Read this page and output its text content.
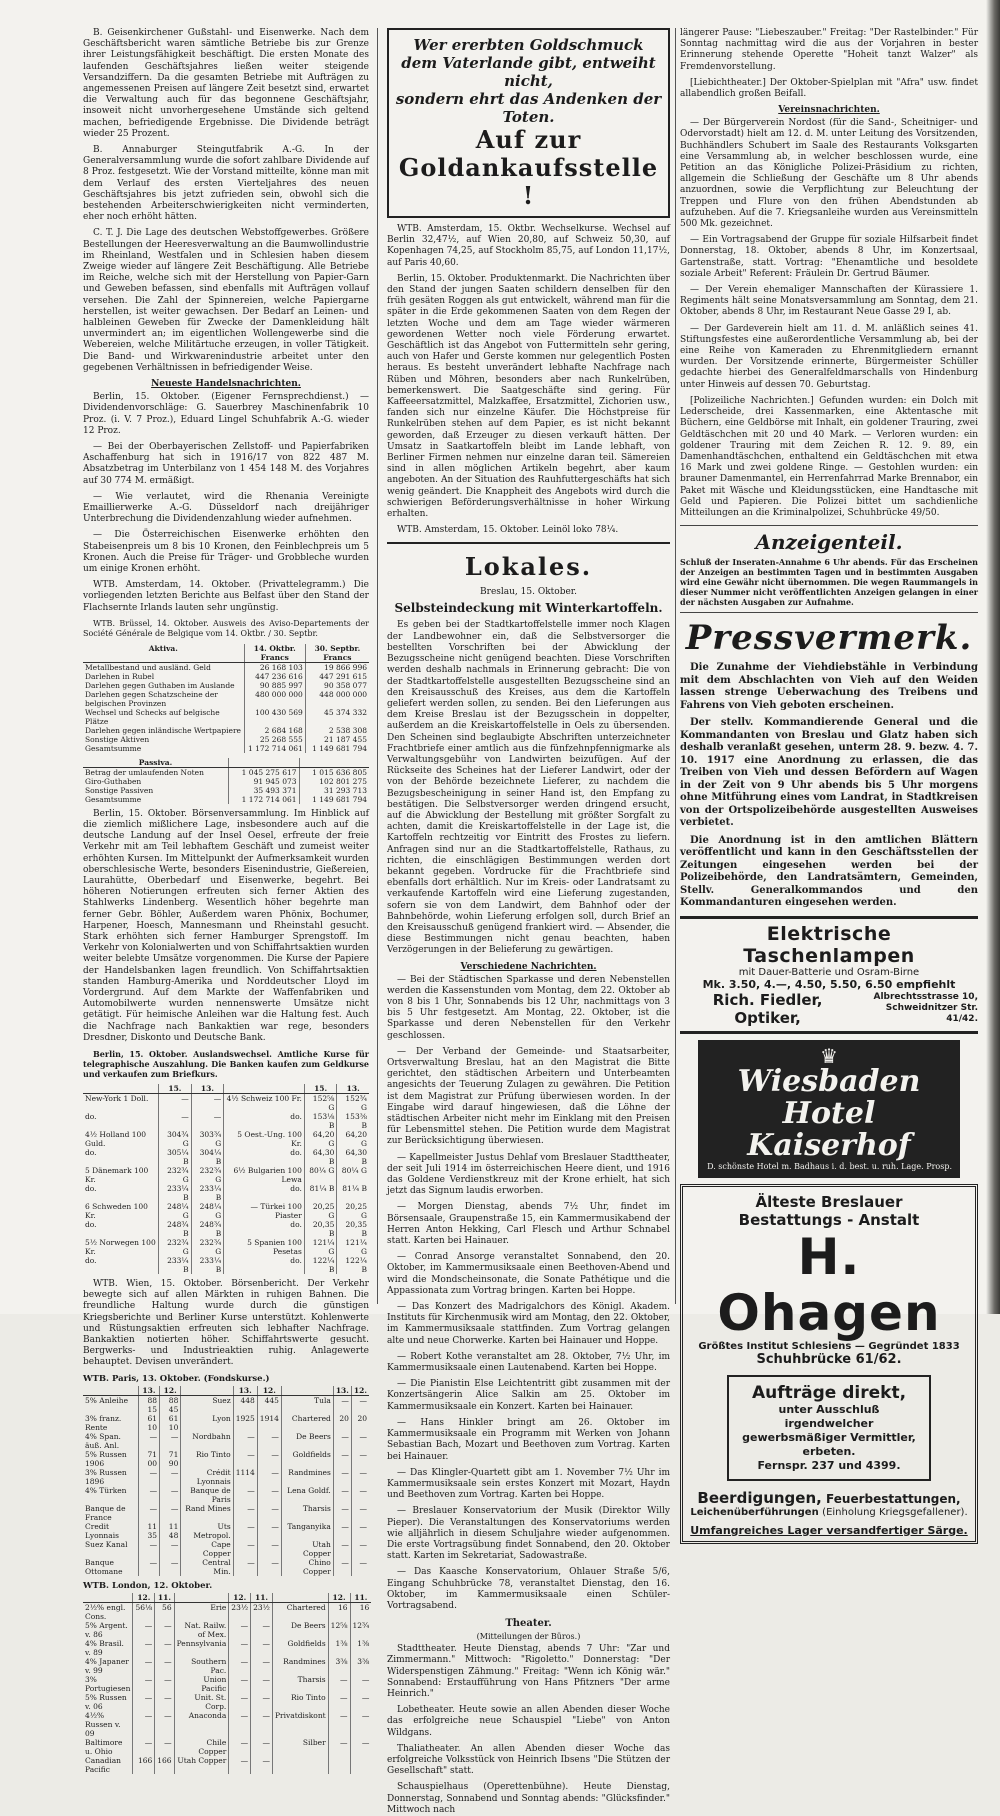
B. Geisenkirchener Gußstahl- und Eisenwerke. Nach dem Geschäftsbericht waren sämtliche Betriebe bis zur Grenze ihrer Leistungsfähigkeit beschäftigt. Die ersten Monate des laufenden Geschäftsjahres ließen weiter steigende Versandziffern. Da die gesamten Betriebe mit Aufträgen zu angemessenen Preisen auf längere Zeit besetzt sind, erwartet die Verwaltung auch für das begonnene Geschäftsjahr, insoweit nicht unvorhergesehene Umstände sich geltend machen, befriedigende Ergebnisse. Die Dividende beträgt wieder 25 Prozent.

B. Annaburger Steingutfabrik A.-G. In der Generalversammlung wurde die sofort zahlbare Dividende auf 8 Proz. festgesetzt. Wie der Vorstand mitteilte, könne man mit dem Verlauf des ersten Vierteljahres des neuen Geschäftsjahres bis jetzt zufrieden sein, obwohl sich die bestehenden Arbeiterschwierigkeiten nicht verminderten, eher noch erhöht hätten.

C. T. J. Die Lage des deutschen Webstoffgewerbes. Größere Bestellungen der Heeresverwaltung an die Baumwollindustrie im Rheinland, Westfalen und in Schlesien haben diesem Zweige wieder auf längere Zeit Beschäftigung. Alle Betriebe im Reiche, welche sich mit der Herstellung von Papier-Garn und Geweben befassen, sind ebenfalls mit Aufträgen vollauf versehen. Die Zahl der Spinnereien, welche Papiergarne herstellen, ist weiter gewachsen. Der Bedarf an Leinen- und halbleinen Geweben für Zwecke der Damenkleidung hält unvermindert an; im eigentlichen Wollengewerbe sind die Webereien, welche Militärtuche erzeugen, in voller Tätigkeit. Die Band- und Wirkwarenindustrie arbeitet unter den gegebenen Verhältnissen in befriedigender Weise.

Neueste Handelsnachrichten.

Berlin, 15. Oktober. (Eigener Fernsprechdienst.) — Dividendenvorschläge: G. Sauerbrey Maschinenfabrik 10 Proz. (i. V. 7 Proz.), Eduard Lingel Schuhfabrik A.-G. wieder 12 Proz.

— Bei der Oberbayerischen Zellstoff- und Papierfabriken Aschaffenburg hat sich in 1916/17 von 822 487 M. Absatzbetrag im Unterbilanz von 1 454 148 M. des Vorjahres auf 30 774 M. ermäßigt.

— Wie verlautet, wird die Rhenania Vereinigte Emaillierwerke A.-G. Düsseldorf nach dreijähriger Unterbrechung die Dividendenzahlung wieder aufnehmen.

— Die Österreichischen Eisenwerke erhöhten den Stabeisenpreis um 8 bis 10 Kronen, den Feinblechpreis um 5 Kronen. Auch die Preise für Träger- und Grobbleche wurden um einige Kronen erhöht.

WTB. Amsterdam, 14. Oktober. (Privattelegramm.) Die vorliegenden letzten Berichte aus Belfast über den Stand der Flachsernte Irlands lauten sehr ungünstig.

WTB. Brüssel, 14. Oktober. Ausweis des Aviso-Departements der Société Générale de Belgique vom 14. Oktbr. / 30. Septbr.

Aktiva.	14. Oktbr. Francs	30. Septbr. Francs
Metallbestand und ausländ. Geld	26 168 103	19 866 996
Darlehen in Rubel	447 236 616	447 291 615
Darlehen gegen Guthaben im Auslande	90 885 997	90 358 077
Darlehen gegen Schatzscheine der belgischen Provinzen	480 000 000	448 000 000
Wechsel und Schecks auf belgische Plätze	100 430 569	45 374 332
Darlehen gegen inländische Wertpapiere	2 684 168	2 538 308
Sonstige Aktiven	25 268 555	21 187 455
Gesamtsumme	1 172 714 061	1 149 681 794
Passiva.		
Betrag der umlaufenden Noten	1 045 275 617	1 015 636 805
Giro-Guthaben	91 945 073	102 801 275
Sonstige Passiven	35 493 371	31 293 713
Gesamtsumme	1 172 714 061	1 149 681 794

Berlin, 15. Oktober. Börsenversammlung. Im Hinblick auf die ziemlich mißlichere Lage, insbesondere auch auf die deutsche Landung auf der Insel Oesel, erfreute der freie Verkehr mit am Teil lebhaftem Geschäft und zumeist weiter erhöhten Kursen. Im Mittelpunkt der Aufmerksamkeit wurden oberschlesische Werte, besonders Eisenindustrie, Gießereien, Laurahütte, Oberbedarf und Eisenwerke, begehrt. Bei höheren Notierungen erfreuten sich ferner Aktien des Stahlwerks Lindenberg. Wesentlich höher begehrte man ferner Gebr. Böhler, Außerdem waren Phönix, Bochumer, Harpener, Hoesch, Mannesmann und Rheinstahl gesucht. Stark erhöhten sich ferner Hamburger Sprengstoff. Im Verkehr von Kolonialwerten und von Schiffahrtsaktien wurden weiter belebte Umsätze vorgenommen. Die Kurse der Papiere der Handelsbanken lagen freundlich. Von Schiffahrtsaktien standen Hamburg-Amerika und Norddeutscher Lloyd im Vordergrund. Auf dem Markte der Waffenfabriken und Automobilwerte wurden nennenswerte Umsätze nicht getätigt. Für heimische Anleihen war die Haltung fest. Auch die Nachfrage nach Bankaktien war rege, besonders Dresdner, Diskonto und Deutsche Bank.

Berlin, 15. Oktober. Auslandswechsel. Amtliche Kurse für telegraphische Auszahlung. Die Banken kaufen zum Geldkurse und verkaufen zum Briefkurs.

	15.	13.		15.	13.
New-York 1 Doll.	—	—	4½ Schweiz 100 Fr.	152⅝ G	152¾ G
do.	—	—	do.	153⅛ B	153⅜ B
4½ Holland 100 Guld.	304¾ G	303¾ G	5 Oest.-Ung. 100 Kr.	64,20 G	64,20 G
do.	305¼ B	304¼ B	do.	64,30 B	64,30 B
5 Dänemark 100 Kr.	232¾ G	232¾ G	6½ Bulgarien 100 Lewa	80¼ G	80¼ G
do.	233¼ B	233¼ B	do.	81¼ B	81¼ B
6 Schweden 100 Kr.	248¼ G	248¼ G	— Türkei 100 Piaster	20,25 G	20,25 G
do.	248¾ B	248¾ B	do.	20,35 B	20,35 B
5½ Norwegen 100 Kr.	232¾ G	232¾ G	5 Spanien 100 Pesetas	121¼ G	121¼ G
do.	233¼ B	233¼ B	do.	122¼ B	122¼ B

WTB. Wien, 15. Oktober. Börsenbericht. Der Verkehr bewegte sich auf allen Märkten in ruhigen Bahnen. Die freundliche Haltung wurde durch die günstigen Kriegsberichte und Berliner Kurse unterstützt. Kohlenwerte und Rüstungsaktien erfreuten sich lebhafter Nachfrage. Bankaktien notierten höher. Schiffahrtswerte gesucht. Bergwerks- und Industrieaktien ruhig. Anlagewerte behauptet. Devisen unverändert.

WTB. Paris, 13. Oktober. (Fondskurse.)
	13.	12.		13.	12.		13.	12.
5% Anleihe	88 15	88 45	Suez	448	445	Tula	—	—
3% franz. Rente	61 10	61 10	Lyon	1925	1914	Chartered	20	20
4% Span. äuß. Anl.	—	—	Nordbahn	—	—	De Beers	—	—
5% Russen 1906	71 00	71 90	Rio Tinto	—	—	Goldfields	—	—
3% Russen 1896	—	—	Crédit Lyonnais	1114	—	Randmines	—	—
4% Türken	—	—	Banque de Paris	—	—	Lena Goldf.	—	—
Banque de France	—	—	Rand Mines	—	—	Tharsis	—	—
Credit Lyonnais	11 35	11 48	Uts Metropol.	—	—	Tanganyika	—	—
Suez Kanal	—	—	Cape Copper	—	—	Utah Copper	—	—
Banque Ottomane	—	—	Central Min.	—	—	Chino Copper	—	—
WTB. London, 12. Oktober.
	12.	11.		12.	11.		12.	11.
2½% engl. Cons.	56⅛	56	Erie	23½	23½	Chartered	16	16
5% Argent. v. 86	—	—	Nat. Railw. of Mex.	—	—	De Beers	12⅝	12¾
4% Brasil. v. 89	—	—	Pennsylvania	—	—	Goldfields	1⅜	1⅜
4% Japaner v. 99	—	—	Southern Pac.	—	—	Randmines	3⅜	3⅜
3% Portugiesen	—	—	Union Pacific	—	—	Tharsis	—	—
5% Russen v. 06	—	—	Unit. St. Corp.	—	—	Rio Tinto	—	—
4½% Russen v. 09	—	—	Anaconda	—	—	Privatdiskont	—	—
Baltimore u. Ohio	—	—	Chile Copper	—	—	Silber	—	—
Canadian Pacific	166	166	Utah Copper	—	—			
Wer ererbten Goldschmuck
dem Vaterlande gibt, entweiht nicht,
sondern ehrt das Andenken der Toten.
Auf zur Goldankaufsstelle !

WTB. Amsterdam, 15. Oktbr. Wechselkurse. Wechsel auf Berlin 32,47½, auf Wien 20,80, auf Schweiz 50,30, auf Kopenhagen 74,25, auf Stockholm 85,75, auf London 11,17½, auf Paris 40,60.

Berlin, 15. Oktober. Produktenmarkt. Die Nachrichten über den Stand der jungen Saaten schildern denselben für den früh gesäten Roggen als gut entwickelt, während man für die später in die Erde gekommenen Saaten von dem Regen der letzten Woche und dem am Tage wieder wärmeren gewordenen Wetter noch viele Förderung erwartet. Geschäftlich ist das Angebot von Futtermitteln sehr gering, auch von Hafer und Gerste kommen nur gelegentlich Posten heraus. Es besteht unverändert lebhafte Nachfrage nach Rüben und Möhren, besonders aber nach Runkelrüben, bemerkenswert. Die Saatgeschäfte sind gering. Für Kaffeeersatzmittel, Malzkaffee, Ersatzmittel, Zichorien usw., fanden sich nur einzelne Käufer. Die Höchstpreise für Runkelrüben stehen auf dem Papier, es ist nicht bekannt geworden, daß Erzeuger zu diesen verkauft hätten. Der Umsatz in Saatkartoffeln bleibt im Lande lebhaft, von Berliner Firmen nehmen nur einzelne daran teil. Sämereien sind in allen möglichen Artikeln begehrt, aber kaum angeboten. An der Situation des Rauhfuttergeschäfts hat sich wenig geändert. Die Knappheit des Angebots wird durch die schwierigen Beförderungsverhältnisse in hoher Wirkung erhalten.

WTB. Amsterdam, 15. Oktober. Leinöl loko 78¼.

Lokales.
Breslau, 15. Oktober.
Selbsteindeckung mit Winterkartoffeln.

Es geben bei der Stadtkartoffelstelle immer noch Klagen der Landbewohner ein, daß die Selbstversorger die bestellten Vorschriften bei der Abwicklung der Bezugsscheine nicht genügend beachten. Diese Vorschriften werden deshalb nachmals in Erinnerung gebracht: Die von der Stadtkartoffelstelle ausgestellten Bezugsscheine sind an den Kreisausschuß des Kreises, aus dem die Kartoffeln geliefert werden sollen, zu senden. Bei den Lieferungen aus dem Kreise Breslau ist der Bezugsschein in doppelter, außerdem an die Kreiskartoffelstelle in Oels zu übersenden. Den Scheinen sind beglaubigte Abschriften unterzeichneter Frachtbriefe einer amtlich aus die fünfzehnpfennigmarke als Verwaltungsgebühr von Landwirten beizufügen. Auf der Rückseite des Scheines hat der Lieferer Landwirt, oder der von der Behörde bezeichnete Lieferer, zu nachdem die Bezugsbescheinigung in seiner Hand ist, den Empfang zu bestätigen. Die Selbstversorger werden dringend ersucht, auf die Abwicklung der Bestellung mit größter Sorgfalt zu achten, damit die Kreiskartoffelstelle in der Lage ist, die Kartoffeln rechtzeitig vor Eintritt des Frostes zu liefern. Anfragen sind nur an die Stadtkartoffelstelle, Rathaus, zu richten, die einschlägigen Bestimmungen werden dort bekannt gegeben. Vordrucke für die Frachtbriefe sind ebenfalls dort erhältlich. Nur im Kreis- oder Landratsamt zu verkaufende Kartoffeln wird eine Lieferung zugestanden, sofern sie von dem Landwirt, dem Bahnhof oder der Bahnbehörde, wohin Lieferung erfolgen soll, durch Brief an den Kreisausschuß genügend frankiert wird. — Absender, die diese Bestimmungen nicht genau beachten, haben Verzögerungen in der Belieferung zu gewärtigen.

Verschiedene Nachrichten.

— Bei der Städtischen Sparkasse und deren Nebenstellen werden die Kassenstunden vom Montag, dem 22. Oktober ab von 8 bis 1 Uhr, Sonnabends bis 12 Uhr, nachmittags von 3 bis 5 Uhr festgesetzt. Am Montag, 22. Oktober, ist die Sparkasse und deren Nebenstellen für den Verkehr geschlossen.

— Der Verband der Gemeinde- und Staatsarbeiter, Ortsverwaltung Breslau, hat an den Magistrat die Bitte gerichtet, den städtischen Arbeitern und Unterbeamten angesichts der Teuerung Zulagen zu gewähren. Die Petition ist dem Magistrat zur Prüfung überwiesen worden. In der Eingabe wird darauf hingewiesen, daß die Löhne der städtischen Arbeiter nicht mehr im Einklang mit den Preisen für Lebensmittel stehen. Die Petition wurde dem Magistrat zur Berücksichtigung überwiesen.

— Kapellmeister Justus Dehlaf vom Breslauer Stadttheater, der seit Juli 1914 im österreichischen Heere dient, und 1916 das Goldene Verdienstkreuz mit der Krone erhielt, hat sich jetzt das Signum laudis erworben.

— Morgen Dienstag, abends 7½ Uhr, findet im Börsensaale, Graupenstraße 15, ein Kammermusikabend der Herren Anton Hekking, Carl Flesch und Arthur Schnabel statt. Karten bei Hainauer.

— Conrad Ansorge veranstaltet Sonnabend, den 20. Oktober, im Kammermusiksaale einen Beethoven-Abend und wird die Mondscheinsonate, die Sonate Pathétique und die Appassionata zum Vortrag bringen. Karten bei Hoppe.

— Das Konzert des Madrigalchors des Königl. Akadem. Instituts für Kirchenmusik wird am Montag, den 22. Oktober, im Kammermusiksaale stattfinden. Zum Vortrag gelangen alte und neue Chorwerke. Karten bei Hainauer und Hoppe.

— Robert Kothe veranstaltet am 28. Oktober, 7½ Uhr, im Kammermusiksaale einen Lautenabend. Karten bei Hoppe.

— Die Pianistin Else Leichtentritt gibt zusammen mit der Konzertsängerin Alice Salkin am 25. Oktober im Kammermusiksaale ein Konzert. Karten bei Hainauer.

— Hans Hinkler bringt am 26. Oktober im Kammermusiksaale ein Programm mit Werken von Johann Sebastian Bach, Mozart und Beethoven zum Vortrag. Karten bei Hainauer.

— Das Klingler-Quartett gibt am 1. November 7½ Uhr im Kammermusiksaale sein erstes Konzert mit Mozart, Haydn und Beethoven zum Vortrag. Karten bei Hoppe.

— Breslauer Konservatorium der Musik (Direktor Willy Pieper). Die Veranstaltungen des Konservatoriums werden wie alljährlich in diesem Schuljahre wieder aufgenommen. Die erste Vortragsübung findet Sonnabend, den 20. Oktober statt. Karten im Sekretariat, Sadowastraße.

— Das Kaasche Konservatorium, Ohlauer Straße 5/6, Eingang Schuhbrücke 78, veranstaltet Dienstag, den 16. Oktober, im Kammermusiksaale einen Schüler-Vortragsabend.

Theater.
(Mitteilungen der Büros.)

Stadttheater. Heute Dienstag, abends 7 Uhr: "Zar und Zimmermann." Mittwoch: "Rigoletto." Donnerstag: "Der Widerspenstigen Zähmung." Freitag: "Wenn ich König wär." Sonnabend: Erstaufführung von Hans Pfitzners "Der arme Heinrich."

Lobetheater. Heute sowie an allen Abenden dieser Woche das erfolgreiche neue Schauspiel "Liebe" von Anton Wildgans.

Thaliatheater. An allen Abenden dieser Woche das erfolgreiche Volksstück von Heinrich Ibsens "Die Stützen der Gesellschaft" statt.

Schauspielhaus (Operettenbühne). Heute Dienstag, Donnerstag, Sonnabend und Sonntag abends: "Glücksfinder." Mittwoch nach

längerer Pause: "Liebeszauber." Freitag: "Der Rastelbinder." Für Sonntag nachmittag wird die aus der Vorjahren in bester Erinnerung stehende Operette "Hoheit tanzt Walzer" als Fremdenvorstellung.

[Liebichtheater.] Der Oktober-Spielplan mit "Afra" usw. findet allabendlich großen Beifall.

Vereinsnachrichten.

— Der Bürgerverein Nordost (für die Sand-, Scheitniger- und Odervorstadt) hielt am 12. d. M. unter Leitung des Vorsitzenden, Buchhändlers Schubert im Saale des Restaurants Volksgarten eine Versammlung ab, in welcher beschlossen wurde, eine Petition an das Königliche Polizei-Präsidium zu richten, allgemein die Schließung der Geschäfte um 8 Uhr abends anzuordnen, sowie die Verpflichtung zur Beleuchtung der Treppen und Flure von den frühen Abendstunden ab aufzuheben. Auf die 7. Kriegsanleihe wurden aus Vereinsmitteln 500 Mk. gezeichnet.

— Ein Vortragsabend der Gruppe für soziale Hilfsarbeit findet Donnerstag, 18. Oktober, abends 8 Uhr, im Konzertsaal, Gartenstraße, statt. Vortrag: "Ehenamtliche und besoldete soziale Arbeit" Referent: Fräulein Dr. Gertrud Bäumer.

— Der Verein ehemaliger Mannschaften der Kürassiere 1. Regiments hält seine Monatsversammlung am Sonntag, dem 21. Oktober, abends 8 Uhr, im Restaurant Neue Gasse 29 I, ab.

— Der Gardeverein hielt am 11. d. M. anläßlich seines 41. Stiftungsfestes eine außerordentliche Versammlung ab, bei der eine Reihe von Kameraden zu Ehrenmitgliedern ernannt wurden. Der Vorsitzende erinnerte, Bürgermeister Schüller gedachte hierbei des Generalfeldmarschalls von Hindenburg unter Hinweis auf dessen 70. Geburtstag.

[Polizeiliche Nachrichten.] Gefunden wurden: ein Dolch mit Lederscheide, drei Kassenmarken, eine Aktentasche mit Büchern, eine Geldbörse mit Inhalt, ein goldener Trauring, zwei Geldtäschchen mit 20 und 40 Mark. — Verloren wurden: ein goldener Trauring mit dem Zeichen R. 12. 9. 89, ein Damenhandtäschchen, enthaltend ein Geldtäschchen mit etwa 16 Mark und zwei goldene Ringe. — Gestohlen wurden: ein brauner Damenmantel, ein Herrenfahrrad Marke Brennabor, ein Paket mit Wäsche und Kleidungsstücken, eine Handtasche mit Geld und Papieren. Die Polizei bittet um sachdienliche Mitteilungen an die Kriminalpolizei, Schuhbrücke 49/50.

Anzeigenteil.

Schluß der Inseraten-Annahme 6 Uhr abends. Für das Erscheinen der Anzeigen an bestimmten Tagen und in bestimmten Ausgaben wird eine Gewähr nicht übernommen. Die wegen Raummangels in dieser Nummer nicht veröffentlichten Anzeigen gelangen in einer der nächsten Ausgaben zur Aufnahme.

Pressvermerk.

Die Zunahme der Viehdiebstähle in Verbindung mit dem Abschlachten von Vieh auf den Weiden lassen strenge Ueberwachung des Treibens und Fahrens von Vieh geboten erscheinen.

Der stellv. Kommandierende General und die Kommandanten von Breslau und Glatz haben sich deshalb veranlaßt gesehen, unterm 28. 9. bezw. 4. 7. 10. 1917 eine Anordnung zu erlassen, die das Treiben von Vieh und dessen Befördern auf Wagen in der Zeit von 9 Uhr abends bis 5 Uhr morgens ohne Mitführung eines vom Landrat, in Stadtkreisen von der Ortspolizeibehörde ausgestellten Ausweises verbietet.

Die Anordnung ist in den amtlichen Blättern veröffentlicht und kann in den Geschäftsstellen der Zeitungen eingesehen werden bei der Polizeibehörde, den Landratsämtern, Gemeinden, Stellv. Generalkommandos und den Kommandanturen eingesehen werden.

Elektrische Taschenlampen
mit Dauer-Batterie und Osram-Birne
Mk. 3.50, 4.—, 4.50, 5.50, 6.50 empfiehlt
Rich. Fiedler, Optiker,
Albrechtsstrasse 10,
Schweidnitzer Str. 41/42.
♛
Wiesbaden
Hotel Kaiserhof
D. schönste Hotel m. Badhaus i. d. best. u. ruh. Lage. Prosp.
Älteste Breslauer
Bestattungs - Anstalt
H. Ohagen
Größtes Institut Schlesiens — Gegründet 1833
Schuhbrücke 61/62.
Aufträge direkt,
unter Ausschluß irgendwelcher gewerbsmäßiger Vermittler, erbeten.
Fernspr. 237 und 4399.
Beerdigungen, Feuerbestattungen,
Leichenüberführungen (Einholung Kriegsgefallener).
Umfangreiches Lager versandfertiger Särge.
